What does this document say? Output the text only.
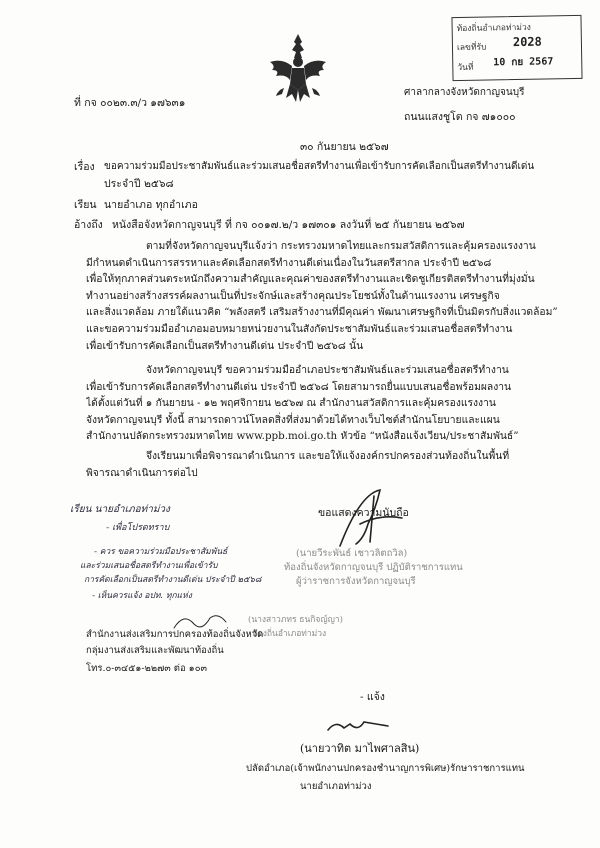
ท้องถิ่นอำเภอท่าม่วง
เลขที่รับ 2028
วันที่ 10 กย 2567
ที่ กจ ๐๐๒๓.๓/ว ๑๗๖๓๑
ศาลากลางจังหวัดกาญจนบุรี
ถนนแสงชูโต กจ ๗๑๐๐๐
๓๐ กันยายน ๒๕๖๗
เรื่อง ขอความร่วมมือประชาสัมพันธ์และร่วมเสนอชื่อสตรีทำงานเพื่อเข้ารับการคัดเลือกเป็นสตรีทำงานดีเด่น
ประจำปี ๒๕๖๘
เรียน นายอำเภอ ทุกอำเภอ
อ้างถึง หนังสือจังหวัดกาญจนบุรี ที่ กจ ๐๐๑๗.๒/ว ๑๗๓๐๑ ลงวันที่ ๒๕ กันยายน ๒๕๖๗
ตามที่จังหวัดกาญจนบุรีแจ้งว่า กระทรวงมหาดไทยและกรมสวัสดิการและคุ้มครองแรงงาน
มีกำหนดดำเนินการสรรหาและคัดเลือกสตรีทำงานดีเด่นเนื่องในวันสตรีสากล ประจำปี ๒๕๖๘
เพื่อให้ทุกภาคส่วนตระหนักถึงความสำคัญและคุณค่าของสตรีทำงานและเชิดชูเกียรติสตรีทำงานที่มุ่งมั่น
ทำงานอย่างสร้างสรรค์ผลงานเป็นที่ประจักษ์และสร้างคุณประโยชน์ทั้งในด้านแรงงาน เศรษฐกิจ
และสิ่งแวดล้อม ภายใต้แนวคิด “พลังสตรี เสริมสร้างงานที่มีคุณค่า พัฒนาเศรษฐกิจที่เป็นมิตรกับสิ่งแวดล้อม”
และขอความร่วมมืออำเภอมอบหมายหน่วยงานในสังกัดประชาสัมพันธ์และร่วมเสนอชื่อสตรีทำงาน
เพื่อเข้ารับการคัดเลือกเป็นสตรีทำงานดีเด่น ประจำปี ๒๕๖๘ นั้น
จังหวัดกาญจนบุรี ขอความร่วมมืออำเภอประชาสัมพันธ์และร่วมเสนอชื่อสตรีทำงาน
เพื่อเข้ารับการคัดเลือกสตรีทำงานดีเด่น ประจำปี ๒๕๖๘ โดยสามารถยื่นแบบเสนอชื่อพร้อมผลงาน
ได้ตั้งแต่วันที่ ๑ กันยายน - ๑๒ พฤศจิกายน ๒๕๖๗ ณ สำนักงานสวัสดิการและคุ้มครองแรงงาน
จังหวัดกาญจนบุรี ทั้งนี้ สามารถดาวน์โหลดสิ่งที่ส่งมาด้วยได้ทางเว็บไซต์สำนักนโยบายและแผน
สำนักงานปลัดกระทรวงมหาดไทย www.ppb.moi.go.th หัวข้อ “หนังสือแจ้งเวียน/ประชาสัมพันธ์”
จึงเรียนมาเพื่อพิจารณาดำเนินการ และขอให้แจ้งองค์กรปกครองส่วนท้องถิ่นในพื้นที่
พิจารณาดำเนินการต่อไป
ขอแสดงความนับถือ
(นายวีระพันธ์ เชาวลิตถวิล)
ท้องถิ่นจังหวัดกาญจนบุรี ปฏิบัติราชการแทน
ผู้ว่าราชการจังหวัดกาญจนบุรี
เรียน นายอำเภอท่าม่วง
- เพื่อโปรดทราบ
- ควร ขอความร่วมมือประชาสัมพันธ์
และร่วมเสนอชื่อสตรีทำงานเพื่อเข้ารับ
การคัดเลือกเป็นสตรีทำงานดีเด่น ประจำปี ๒๕๖๘
- เห็นควรแจ้ง อปท. ทุกแห่ง
(นางสาวภทร ธนกิจญ์ญา)
ท้องถิ่นอำเภอท่าม่วง
สำนักงานส่งเสริมการปกครองท้องถิ่นจังหวัด
กลุ่มงานส่งเสริมและพัฒนาท้องถิ่น
โทร.๐-๓๔๕๑-๒๒๗๓ ต่อ ๑๐๓
- แจ้ง
(นายวาทิต มาไพศาลสิน)
ปลัดอำเภอ(เจ้าพนักงานปกครองชำนาญการพิเศษ)รักษาราชการแทน
นายอำเภอท่าม่วง
